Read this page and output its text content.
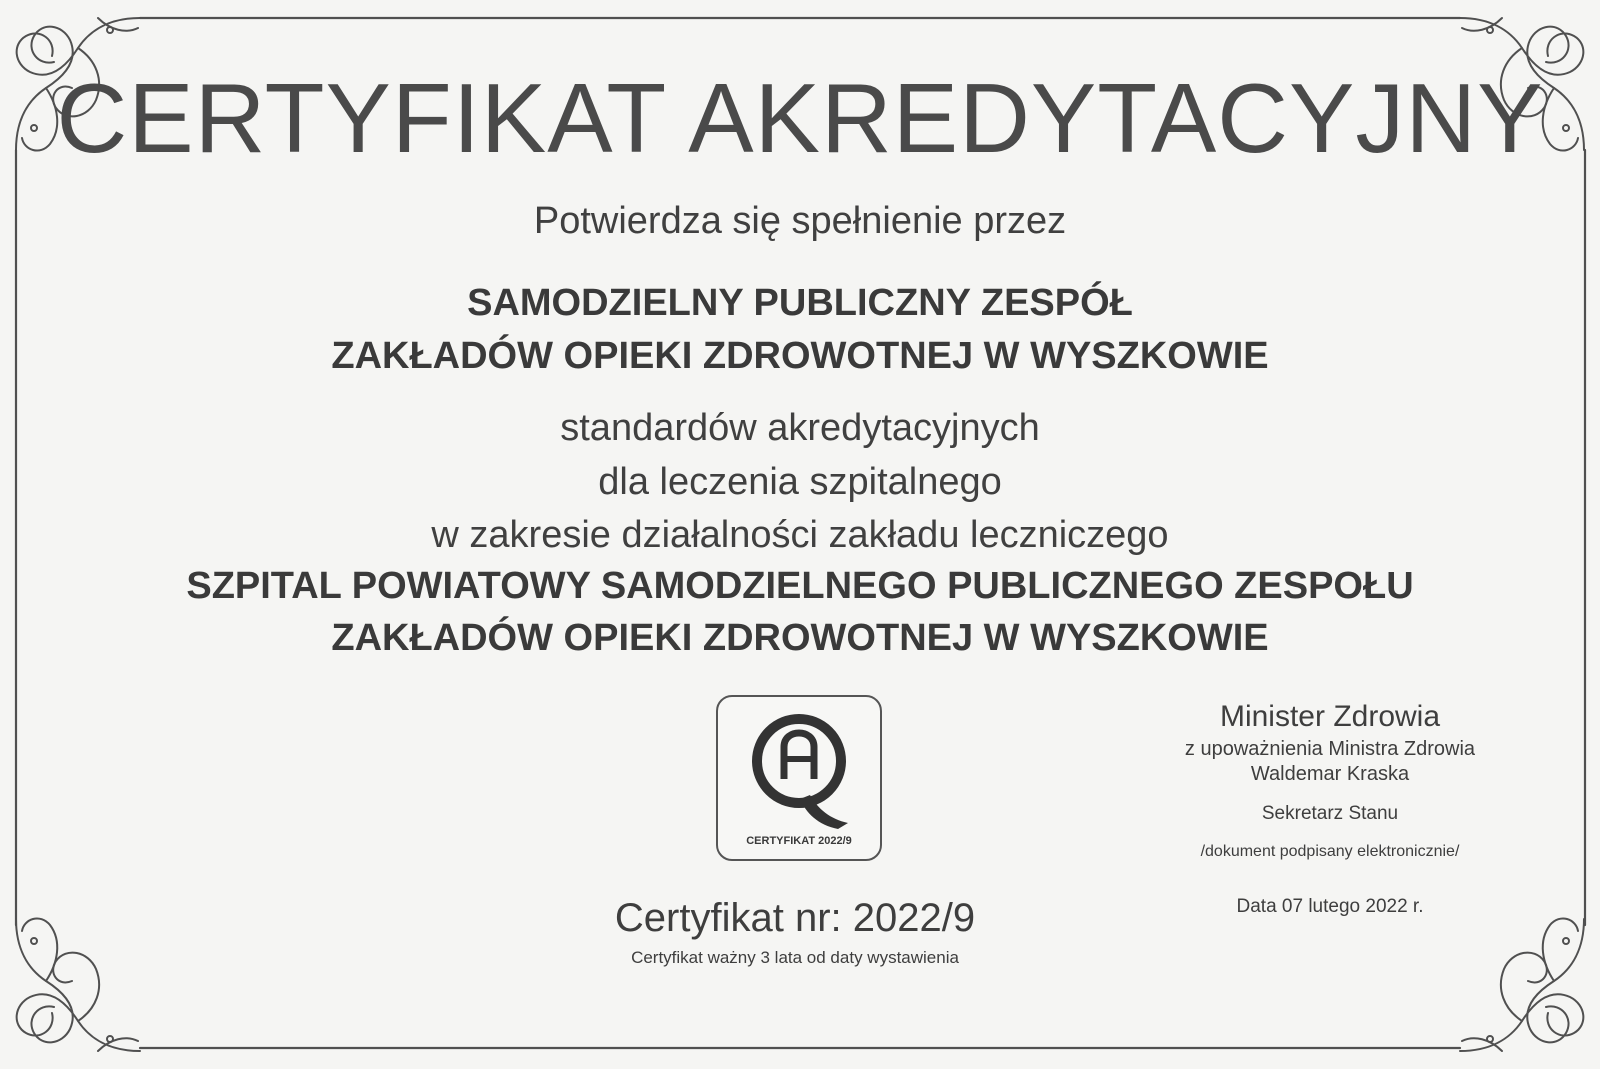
CERTYFIKAT AKREDYTACYJNY

Potwierdza się spełnienie przez

SAMODZIELNY PUBLICZNY ZESPÓŁ

ZAKŁADÓW OPIEKI ZDROWOTNEJ W WYSZKOWIE

standardów akredytacyjnych

dla leczenia szpitalnego

w zakresie działalności zakładu leczniczego

SZPITAL POWIATOWY SAMODZIELNEGO PUBLICZNEGO ZESPOŁU

ZAKŁADÓW OPIEKI ZDROWOTNEJ W WYSZKOWIE

CERTYFIKAT 2022/9
Minister Zdrowia
z upoważnienia Ministra Zdrowia
Waldemar Kraska
Sekretarz Stanu
/dokument podpisany elektronicznie/
Data 07 lutego 2022 r.
Certyfikat nr: 2022/9
Certyfikat ważny 3 lata od daty wystawienia
